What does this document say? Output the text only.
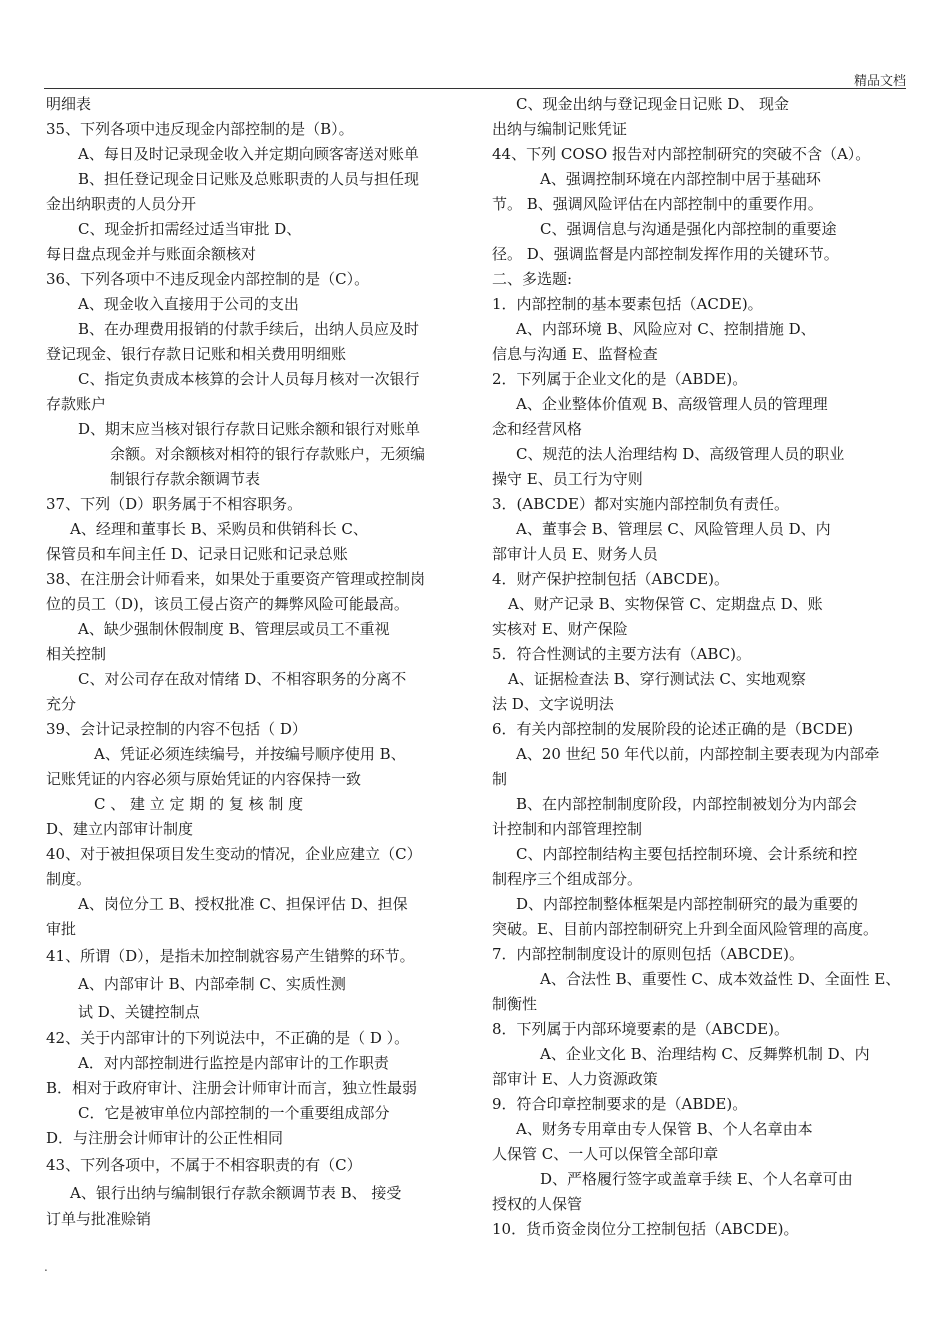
精品文档
明细表
35、下列各项中违反现金内部控制的是（B）。
A、每日及时记录现金收入并定期向顾客寄送对账单
B、担任登记现金日记账及总账职责的人员与担任现
金出纳职责的人员分开
C、现金折扣需经过适当审批 D、
每日盘点现金并与账面余额核对
36、下列各项中不违反现金内部控制的是（C）。
A、现金收入直接用于公司的支出
B、在办理费用报销的付款手续后，出纳人员应及时
登记现金、银行存款日记账和相关费用明细账
C、指定负责成本核算的会计人员每月核对一次银行
存款账户
D、期末应当核对银行存款日记账余额和银行对账单
余额。对余额核对相符的银行存款账户，无须编
制银行存款余额调节表
37、下列（D）职务属于不相容职务。
A、经理和董事长 B、采购员和供销科长 C、
保管员和车间主任 D、记录日记账和记录总账
38、在注册会计师看来，如果处于重要资产管理或控制岗
位的员工（D)，该员工侵占资产的舞弊风险可能最高。
A、缺少强制休假制度 B、管理层或员工不重视
相关控制
C、对公司存在敌对情绪 D、不相容职务的分离不
充分
39、会计记录控制的内容不包括（ D）
A、凭证必须连续编号，并按编号顺序使用 B、
记账凭证的内容必须与原始凭证的内容保持一致
C 、 建 立 定 期 的 复 核 制 度
D、建立内部审计制度
40、对于被担保项目发生变动的情况，企业应建立（C）
制度。
A、岗位分工 B、授权批准 C、担保评估 D、担保
审批
41、所谓（D），是指未加控制就容易产生错弊的环节。
A、内部审计 B、内部牵制 C、实质性测
试 D、关键控制点
42、关于内部审计的下列说法中，不正确的是（ D ）。
A．对内部控制进行监控是内部审计的工作职责
B．相对于政府审计、注册会计师审计而言，独立性最弱
C．它是被审单位内部控制的一个重要组成部分
D．与注册会计师审计的公正性相同
43、下列各项中，不属于不相容职责的有（C）
A、银行出纳与编制银行存款余额调节表 B、 接受
订单与批准赊销
C、现金出纳与登记现金日记账 D、 现金
出纳与编制记账凭证
44、下列 COSO 报告对内部控制研究的突破不含（A）。
A、强调控制环境在内部控制中居于基础环
节。 B、强调风险评估在内部控制中的重要作用。
C、强调信息与沟通是强化内部控制的重要途
径。 D、强调监督是内部控制发挥作用的关键环节。
二、多选题:
1．内部控制的基本要素包括（ACDE)。
A、内部环境 B、风险应对 C、控制措施 D、
信息与沟通 E、监督检查
2．下列属于企业文化的是（ABDE)。
A、企业整体价值观 B、高级管理人员的管理理
念和经营风格
C、规范的法人治理结构 D、高级管理人员的职业
操守 E、员工行为守则
3．(ABCDE）都对实施内部控制负有责任。
A、董事会 B、管理层 C、风险管理人员 D、内
部审计人员 E、财务人员
4．财产保护控制包括（ABCDE)。
A、财产记录 B、实物保管 C、定期盘点 D、账
实核对 E、财产保险
5．符合性测试的主要方法有（ABC)。
A、证据检查法 B、穿行测试法 C、实地观察
法 D、文字说明法
6．有关内部控制的发展阶段的论述正确的是（BCDE)
A、20 世纪 50 年代以前，内部控制主要表现为内部牵
制
B、在内部控制制度阶段，内部控制被划分为内部会
计控制和内部管理控制
C、内部控制结构主要包括控制环境、会计系统和控
制程序三个组成部分。
D、内部控制整体框架是内部控制研究的最为重要的
突破。E、目前内部控制研究上升到全面风险管理的高度。
7．内部控制制度设计的原则包括（ABCDE)。
A、合法性 B、重要性 C、成本效益性 D、全面性 E、
制衡性
8．下列属于内部环境要素的是（ABCDE)。
A、企业文化 B、治理结构 C、反舞弊机制 D、内
部审计 E、人力资源政策
9．符合印章控制要求的是（ABDE)。
A、财务专用章由专人保管 B、个人名章由本
人保管 C、一人可以保管全部印章
D、严格履行签字或盖章手续 E、个人名章可由
授权的人保管
10．货币资金岗位分工控制包括（ABCDE)。
.
